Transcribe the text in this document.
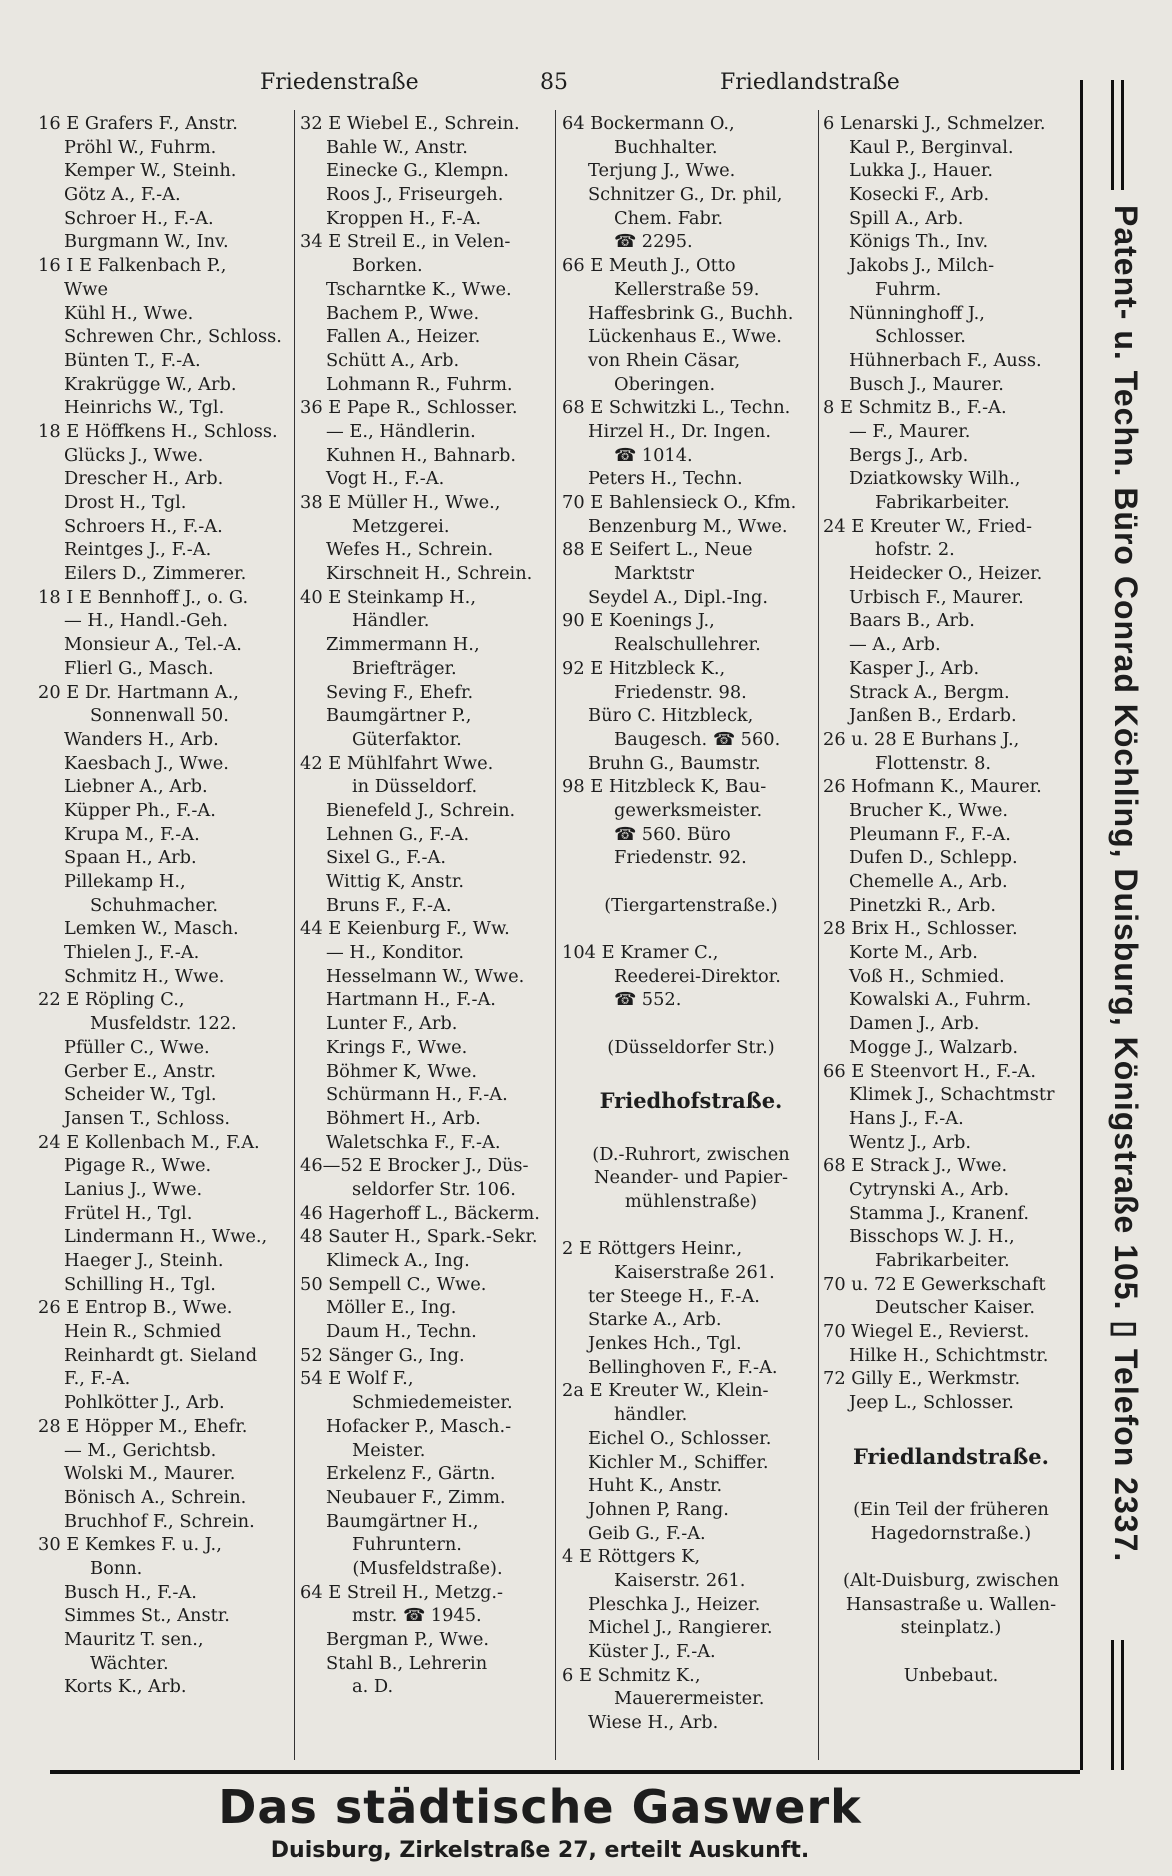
Friedenstraße	85	Friedlandstraße
16 E Grafers F., Anstr.
Pröhl W., Fuhrm.
Kemper W., Steinh.
Götz A., F.-A.
Schroer H., F.-A.
Burgmann W., Inv.
16 I E Falkenbach P.,
Wwe
Kühl H., Wwe.
Schrewen Chr., Schloss.
Bünten T., F.-A.
Krakrügge W., Arb.
Heinrichs W., Tgl.
18 E Höffkens H., Schloss.
Glücks J., Wwe.
Drescher H., Arb.
Drost H., Tgl.
Schroers H., F.-A.
Reintges J., F.-A.
Eilers D., Zimmerer.
18 I E Bennhoff J., o. G.
— H., Handl.-Geh.
Monsieur A., Tel.-A.
Flierl G., Masch.
20 E Dr. Hartmann A.,
Sonnenwall 50.
Wanders H., Arb.
Kaesbach J., Wwe.
Liebner A., Arb.
Küpper Ph., F.-A.
Krupa M., F.-A.
Spaan H., Arb.
Pillekamp H.,
Schuhmacher.
Lemken W., Masch.
Thielen J., F.-A.
Schmitz H., Wwe.
22 E Röpling C.,
Musfeldstr. 122.
Pfüller C., Wwe.
Gerber E., Anstr.
Scheider W., Tgl.
Jansen T., Schloss.
24 E Kollenbach M., F.A.
Pigage R., Wwe.
Lanius J., Wwe.
Frütel H., Tgl.
Lindermann H., Wwe.,
Haeger J., Steinh.
Schilling H., Tgl.
26 E Entrop B., Wwe.
Hein R., Schmied
Reinhardt gt. Sieland
F., F.-A.
Pohlkötter J., Arb.
28 E Höpper M., Ehefr.
— M., Gerichtsb.
Wolski M., Maurer.
Bönisch A., Schrein.
Bruchhof F., Schrein.
30 E Kemkes F. u. J.,
Bonn.
Busch H., F.-A.
Simmes St., Anstr.
Mauritz T. sen.,
Wächter.
Korts K., Arb.
32 E Wiebel E., Schrein.
Bahle W., Anstr.
Einecke G., Klempn.
Roos J., Friseurgeh.
Kroppen H., F.-A.
34 E Streil E., in Velen-
Borken.
Tscharntke K., Wwe.
Bachem P., Wwe.
Fallen A., Heizer.
Schütt A., Arb.
Lohmann R., Fuhrm.
36 E Pape R., Schlosser.
— E., Händlerin.
Kuhnen H., Bahnarb.
Vogt H., F.-A.
38 E Müller H., Wwe.,
Metzgerei.
Wefes H., Schrein.
Kirschneit H., Schrein.
40 E Steinkamp H.,
Händler.
Zimmermann H.,
Briefträger.
Seving F., Ehefr.
Baumgärtner P.,
Güterfaktor.
42 E Mühlfahrt Wwe.
in Düsseldorf.
Bienefeld J., Schrein.
Lehnen G., F.-A.
Sixel G., F.-A.
Wittig K, Anstr.
Bruns F., F.-A.
44 E Keienburg F., Ww.
— H., Konditor.
Hesselmann W., Wwe.
Hartmann H., F.-A.
Lunter F., Arb.
Krings F., Wwe.
Böhmer K, Wwe.
Schürmann H., F.-A.
Böhmert H., Arb.
Waletschka F., F.-A.
46—52 E Brocker J., Düs-
seldorfer Str. 106.
46 Hagerhoff L., Bäckerm.
48 Sauter H., Spark.-Sekr.
Klimeck A., Ing.
50 Sempell C., Wwe.
Möller E., Ing.
Daum H., Techn.
52 Sänger G., Ing.
54 E Wolf F.,
Schmiedemeister.
Hofacker P., Masch.-
Meister.
Erkelenz F., Gärtn.
Neubauer F., Zimm.
Baumgärtner H.,
Fuhruntern.
(Musfeldstraße).
64 E Streil H., Metzg.-
mstr. ☎ 1945.
Bergman P., Wwe.
Stahl B., Lehrerin
a. D.
64 Bockermann O.,
Buchhalter.
Terjung J., Wwe.
Schnitzer G., Dr. phil,
Chem. Fabr.
☎ 2295.
66 E Meuth J., Otto
Kellerstraße 59.
Haffesbrink G., Buchh.
Lückenhaus E., Wwe.
von Rhein Cäsar,
Oberingen.
68 E Schwitzki L., Techn.
Hirzel H., Dr. Ingen.
☎ 1014.
Peters H., Techn.
70 E Bahlensieck O., Kfm.
Benzenburg M., Wwe.
88 E Seifert L., Neue
Marktstr
Seydel A., Dipl.-Ing.
90 E Koenings J.,
Realschullehrer.
92 E Hitzbleck K.,
Friedenstr. 98.
Büro C. Hitzbleck,
Baugesch. ☎ 560.
Bruhn G., Baumstr.
98 E Hitzbleck K, Bau-
gewerksmeister.
☎ 560. Büro
Friedenstr. 92.
(Tiergartenstraße.)
104 E Kramer C.,
Reederei-Direktor.
☎ 552.
(Düsseldorfer Str.)
Friedhofstraße.
(D.-Ruhrort, zwischen
Neander- und Papier-
mühlenstraße)
2 E Röttgers Heinr.,
Kaiserstraße 261.
ter Steege H., F.-A.
Starke A., Arb.
Jenkes Hch., Tgl.
Bellinghoven F., F.-A.
2a E Kreuter W., Klein-
händler.
Eichel O., Schlosser.
Kichler M., Schiffer.
Huht K., Anstr.
Johnen P, Rang.
Geib G., F.-A.
4 E Röttgers K,
Kaiserstr. 261.
Pleschka J., Heizer.
Michel J., Rangierer.
Küster J., F.-A.
6 E Schmitz K.,
Mauerermeister.
Wiese H., Arb.
6 Lenarski J., Schmelzer.
Kaul P., Berginval.
Lukka J., Hauer.
Kosecki F., Arb.
Spill A., Arb.
Königs Th., Inv.
Jakobs J., Milch-
Fuhrm.
Nünninghoff J.,
Schlosser.
Hühnerbach F., Auss.
Busch J., Maurer.
8 E Schmitz B., F.-A.
— F., Maurer.
Bergs J., Arb.
Dziatkowsky Wilh.,
Fabrikarbeiter.
24 E Kreuter W., Fried-
hofstr. 2.
Heidecker O., Heizer.
Urbisch F., Maurer.
Baars B., Arb.
— A., Arb.
Kasper J., Arb.
Strack A., Bergm.
Janßen B., Erdarb.
26 u. 28 E Burhans J.,
Flottenstr. 8.
26 Hofmann K., Maurer.
Brucher K., Wwe.
Pleumann F., F.-A.
Dufen D., Schlepp.
Chemelle A., Arb.
Pinetzki R., Arb.
28 Brix H., Schlosser.
Korte M., Arb.
Voß H., Schmied.
Kowalski A., Fuhrm.
Damen J., Arb.
Mogge J., Walzarb.
66 E Steenvort H., F.-A.
Klimek J., Schachtmstr
Hans J., F.-A.
Wentz J., Arb.
68 E Strack J., Wwe.
Cytrynski A., Arb.
Stamma J., Kranenf.
Bisschops W. J. H.,
Fabrikarbeiter.
70 u. 72 E Gewerkschaft
Deutscher Kaiser.
70 Wiegel E., Revierst.
Hilke H., Schichtmstr.
72 Gilly E., Werkmstr.
Jeep L., Schlosser.
Friedlandstraße.
(Ein Teil der früheren
Hagedornstraße.)
(Alt-Duisburg, zwischen
Hansastraße u. Wallen-
steinplatz.)
Unbebaut.
Patent- u. Techn. Büro Conrad Köchling, Duisburg, Königstraße 105. ▯ Telefon 2337.
Das städtische Gaswerk
Duisburg, Zirkelstraße 27, erteilt Auskunft.
